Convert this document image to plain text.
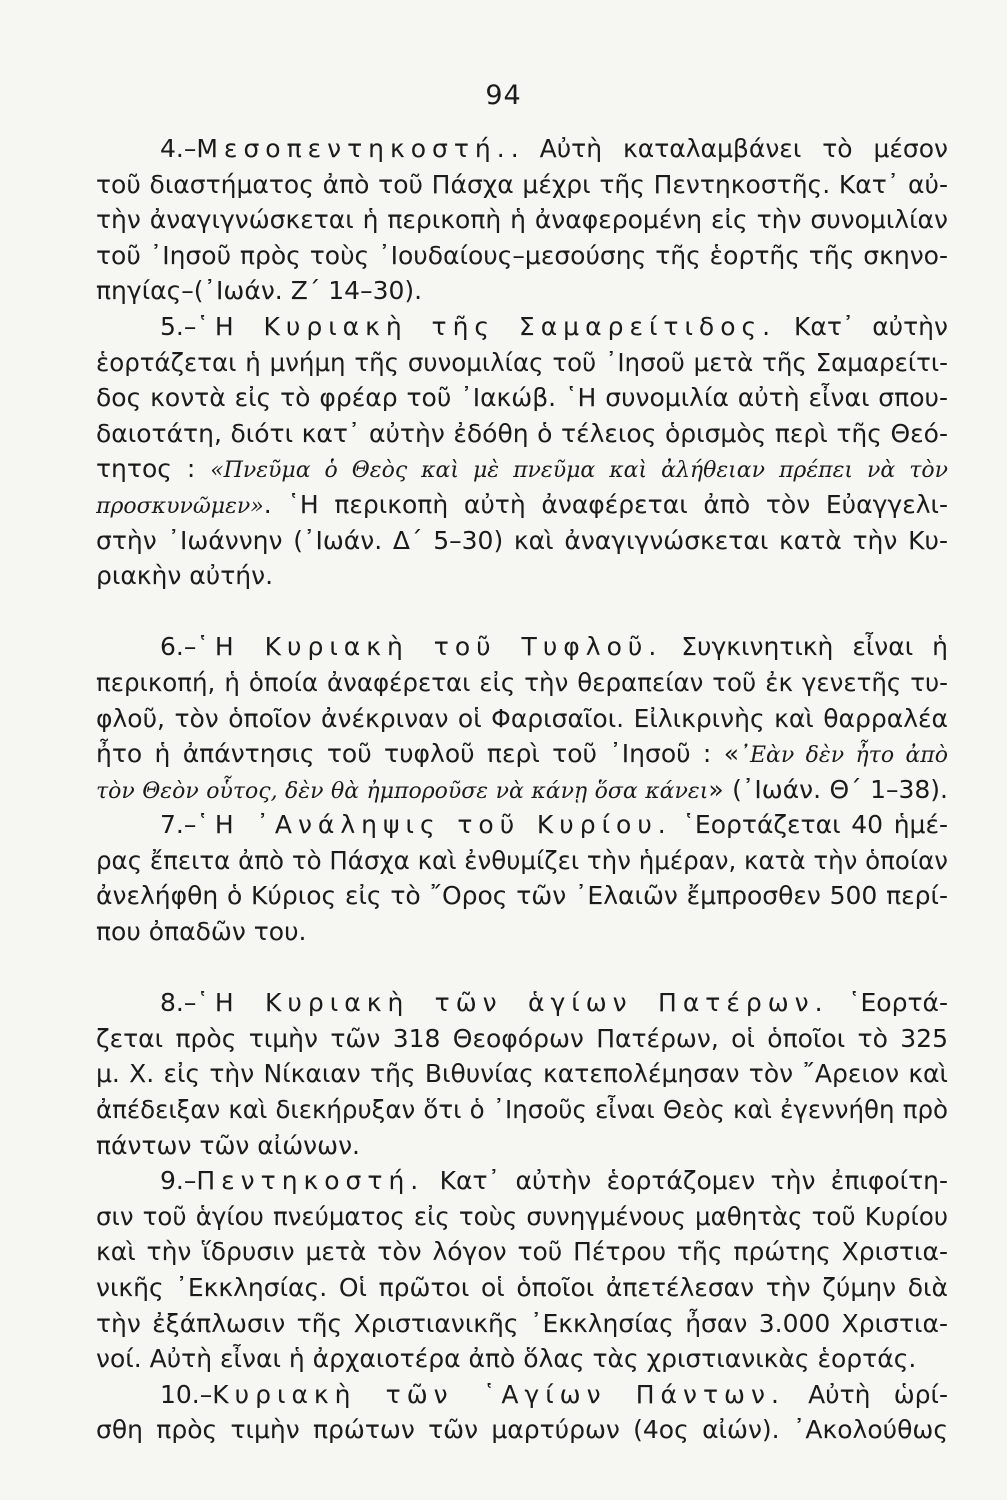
94
4.–Μεσοπεντηκοστή.. Αὐτὴ καταλαμβάνει τὸ μέσον
τοῦ διαστήματος ἀπὸ τοῦ Πάσχα μέχρι τῆς Πεντηκοστῆς. Κατ᾽ αὐ-
τὴν ἀναγιγνώσκεται ἡ περικοπὴ ἡ ἀναφερομένη εἰς τὴν συνομιλίαν
τοῦ ᾽Ιησοῦ πρὸς τοὺς ᾽Ιουδαίους–μεσούσης τῆς ἑορτῆς τῆς σκηνο-
πηγίας–(᾽Ιωάν. Ζ΄ 14–30).
5.–῾Η Κυριακὴ τῆς Σαμαρείτιδος. Κατ᾽ αὐτὴν
ἑορτάζεται ἡ μνήμη τῆς συνομιλίας τοῦ ᾽Ιησοῦ μετὰ τῆς Σαμαρείτι-
δος κοντὰ εἰς τὸ φρέαρ τοῦ ᾽Ιακώβ. ῾Η συνομιλία αὐτὴ εἶναι σπου-
δαιοτάτη, διότι κατ᾽ αὐτὴν ἐδόθη ὁ τέλειος ὁρισμὸς περὶ τῆς Θεό-
τητος : «Πνεῦμα ὁ Θεὸς καὶ μὲ πνεῦμα καὶ ἀλήθειαν πρέπει νὰ τὸν
προσκυνῶμεν». ῾Η περικοπὴ αὐτὴ ἀναφέρεται ἀπὸ τὸν Εὐαγγελι-
στὴν ᾽Ιωάννην (᾽Ιωάν. Δ΄ 5–30) καὶ ἀναγιγνώσκεται κατὰ τὴν Κυ-
ριακὴν αὐτήν.
6.–῾Η Κυριακὴ τοῦ Τυφλοῦ. Συγκινητικὴ εἶναι ἡ
περικοπή, ἡ ὁποία ἀναφέρεται εἰς τὴν θεραπείαν τοῦ ἐκ γενετῆς τυ-
φλοῦ, τὸν ὁποῖον ἀνέκριναν οἱ Φαρισαῖοι. Εἰλικρινὴς καὶ θαρραλέα
ἦτο ἡ ἀπάντησις τοῦ τυφλοῦ περὶ τοῦ ᾽Ιησοῦ : «᾽Εὰν δὲν ἦτο ἀπὸ
τὸν Θεὸν οὗτος, δὲν θὰ ἠμποροῦσε νὰ κάνῃ ὅσα κάνει» (᾽Ιωάν. Θ΄ 1–38).
7.–῾Η ᾽Ανάληψις τοῦ Κυρίου. ῾Εορτάζεται 40 ἡμέ-
ρας ἔπειτα ἀπὸ τὸ Πάσχα καὶ ἐνθυμίζει τὴν ἡμέραν, κατὰ τὴν ὁποίαν
ἀνελήφθη ὁ Κύριος εἰς τὸ ῎Ορος τῶν ᾽Ελαιῶν ἔμπροσθεν 500 περί-
που ὀπαδῶν του.
8.–῾Η Κυριακὴ τῶν ἁγίων Πατέρων. ῾Εορτά-
ζεται πρὸς τιμὴν τῶν 318 Θεοφόρων Πατέρων, οἱ ὁποῖοι τὸ 325
μ. Χ. εἰς τὴν Νίκαιαν τῆς Βιθυνίας κατεπολέμησαν τὸν ῎Αρειον καὶ
ἀπέδειξαν καὶ διεκήρυξαν ὅτι ὁ ᾽Ιησοῦς εἶναι Θεὸς καὶ ἐγεννήθη πρὸ
πάντων τῶν αἰώνων.
9.–Πεντηκοστή. Κατ᾽ αὐτὴν ἑορτάζομεν τὴν ἐπιφοίτη-
σιν τοῦ ἁγίου πνεύματος εἰς τοὺς συνηγμένους μαθητὰς τοῦ Κυρίου
καὶ τὴν ἵδρυσιν μετὰ τὸν λόγον τοῦ Πέτρου τῆς πρώτης Χριστια-
νικῆς ᾽Εκκλησίας. Οἱ πρῶτοι οἱ ὁποῖοι ἀπετέλεσαν τὴν ζύμην διὰ
τὴν ἐξάπλωσιν τῆς Χριστιανικῆς ᾽Εκκλησίας ἦσαν 3.000 Χριστια-
νοί. Αὐτὴ εἶναι ἡ ἀρχαιοτέρα ἀπὸ ὅλας τὰς χριστιανικὰς ἑορτάς.
10.–Κυριακὴ τῶν ῾Αγίων Πάντων. Αὐτὴ ὡρί-
σθη πρὸς τιμὴν πρώτων τῶν μαρτύρων (4ος αἰών). ᾽Ακολούθως
